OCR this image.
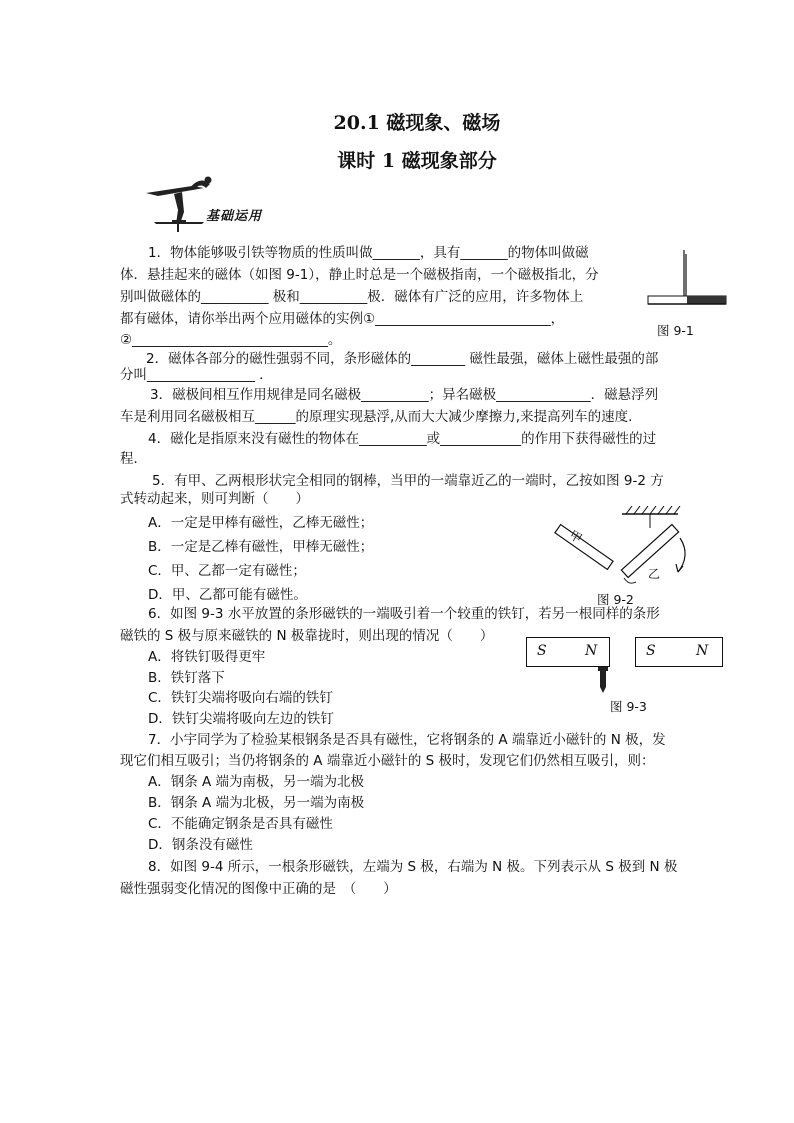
20.1 磁现象、磁场
课时 1 磁现象部分
基础运用
1．物体能够吸引铁等物质的性质叫做_______，具有_______的物体叫做磁
体．悬挂起来的磁体（如图 9-1），静止时总是一个磁极指南，一个磁极指北，分
别叫做磁体的__________ 极和__________极．磁体有广泛的应用，许多物体上
都有磁体，请你举出两个应用磁体的实例①__________________________，
②_____________________________。
2．磁体各部分的磁性强弱不同，条形磁体的________ 磁性最强，磁体上磁性最强的部
分叫________________ ．
3．磁极间相互作用规律是同名磁极__________；异名磁极______________．磁悬浮列
车是利用同名磁极相互______的原理实现悬浮,从而大大减少摩擦力,来提高列车的速度.
4．磁化是指原来没有磁性的物体在__________或____________的作用下获得磁性的过
程．
5．有甲、乙两根形状完全相同的钢棒，当甲的一端靠近乙的一端时，乙按如图 9-2 方
式转动起来，则可判断（　　）
A．一定是甲棒有磁性，乙棒无磁性；
B．一定是乙棒有磁性，甲棒无磁性；
C．甲、乙都一定有磁性；
D．甲、乙都可能有磁性。
6．如图 9-3 水平放置的条形磁铁的一端吸引着一个较重的铁钉，若另一根同样的条形
磁铁的 S 极与原来磁铁的 N 极靠拢时，则出现的情况（　　）
A．将铁钉吸得更牢
B．铁钉落下
C．铁钉尖端将吸向右端的铁钉
D．铁钉尖端将吸向左边的铁钉
7．小宇同学为了检验某根钢条是否具有磁性，它将钢条的 A 端靠近小磁针的 N 极，发
现它们相互吸引；当仍将钢条的 A 端靠近小磁针的 S 极时，发现它们仍然相互吸引，则：
A．钢条 A 端为南极，另一端为北极
B．钢条 A 端为北极，另一端为南极
C．不能确定钢条是否具有磁性
D．钢条没有磁性
8．如图 9-4 所示，一根条形磁铁，左端为 S 极，右端为 N 极。下列表示从 S 极到 N 极
磁性强弱变化情况的图像中正确的是　（　　）
图 9-1
甲
乙
图 9-2
S	N	S	N
图 9-3
